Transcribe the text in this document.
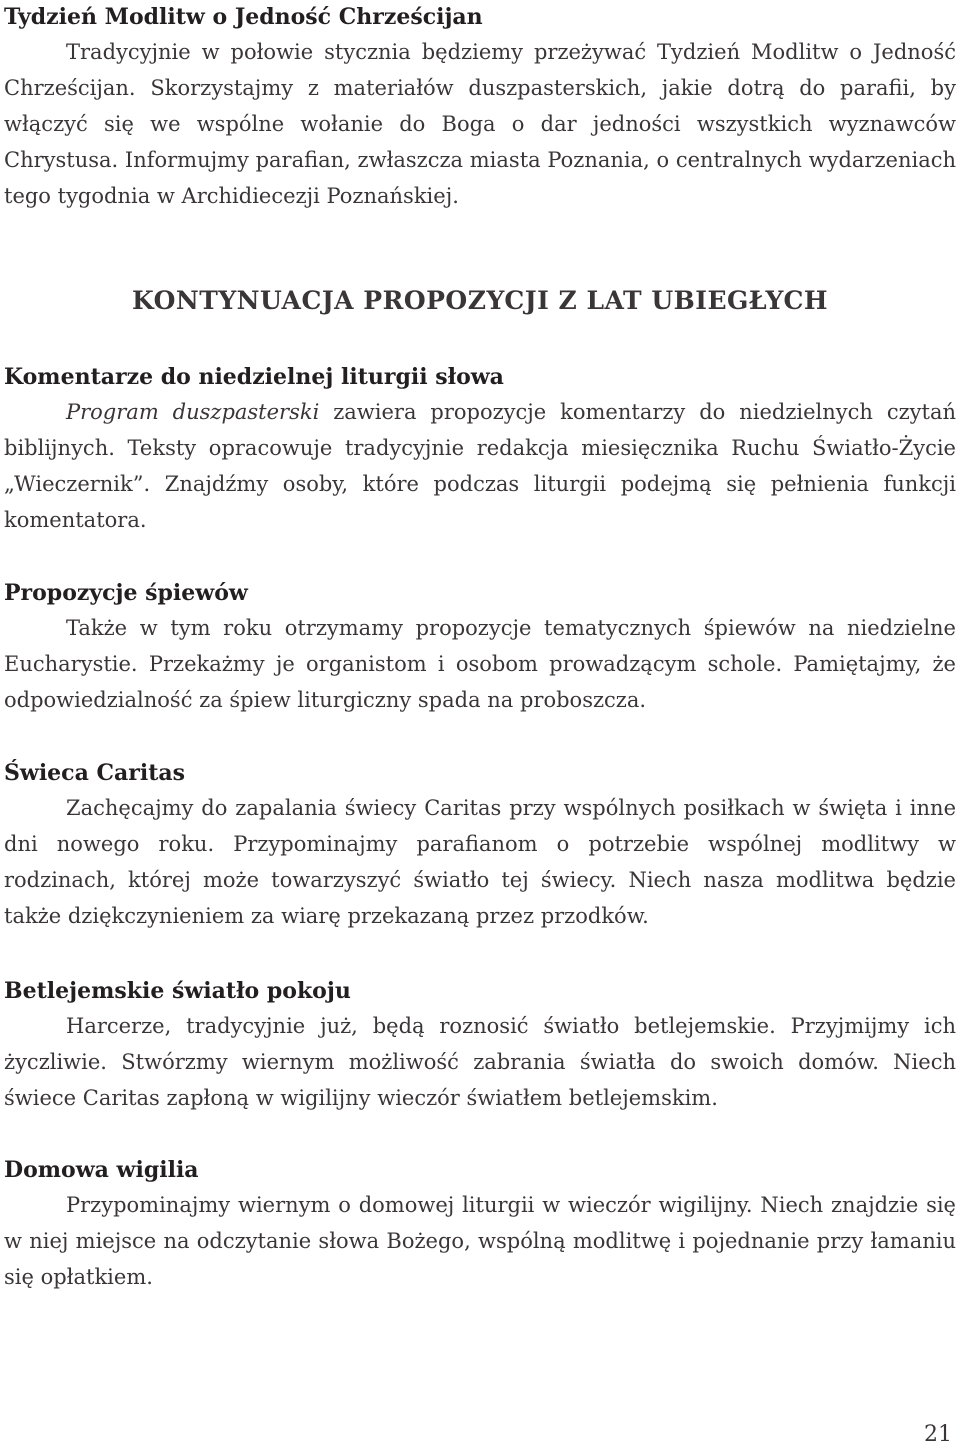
Tydzień Modlitw o Jedność Chrześcijan

Tradycyjnie w połowie stycznia będziemy przeżywać Tydzień Modlitw o Jedność Chrześcijan. Skorzystajmy z materiałów duszpasterskich, jakie dotrą do parafii, by włączyć się we wspólne wołanie do Boga o dar jedności wszystkich wyznawców Chrystusa. Informujmy parafian, zwłaszcza miasta Poznania, o centralnych wydarzeniach tego tygodnia w Archidiecezji Poznańskiej.

KONTYNUACJA PROPOZYCJI Z LAT UBIEGŁYCH
Komentarze do niedzielnej liturgii słowa

Program duszpasterski zawiera propozycje komentarzy do niedzielnych czytań biblijnych. Teksty opracowuje tradycyjnie redakcja miesięcznika Ruchu Światło-Życie „Wieczernik”. Znajdźmy osoby, które podczas liturgii podejmą się pełnienia funkcji komentatora.

Propozycje śpiewów

Także w tym roku otrzymamy propozycje tematycznych śpiewów na niedzielne Eucharystie. Przekażmy je organistom i osobom prowadzącym schole. Pamiętajmy, że odpowiedzialność za śpiew liturgiczny spada na proboszcza.

Świeca Caritas

Zachęcajmy do zapalania świecy Caritas przy wspólnych posiłkach w święta i inne dni nowego roku. Przypominajmy parafianom o potrzebie wspólnej modlitwy w rodzinach, której może towarzyszyć światło tej świecy. Niech nasza modlitwa będzie także dziękczynieniem za wiarę przekazaną przez przodków.

Betlejemskie światło pokoju

Harcerze, tradycyjnie już, będą roznosić światło betlejemskie. Przyjmijmy ich życzliwie. Stwórzmy wiernym możliwość zabrania światła do swoich domów. Niech świece Caritas zapłoną w wigilijny wieczór światłem betlejemskim.

Domowa wigilia

Przypominajmy wiernym o domowej liturgii w wieczór wigilijny. Niech znajdzie się w niej miejsce na odczytanie słowa Bożego, wspólną modlitwę i pojednanie przy łamaniu się opłatkiem.

21
